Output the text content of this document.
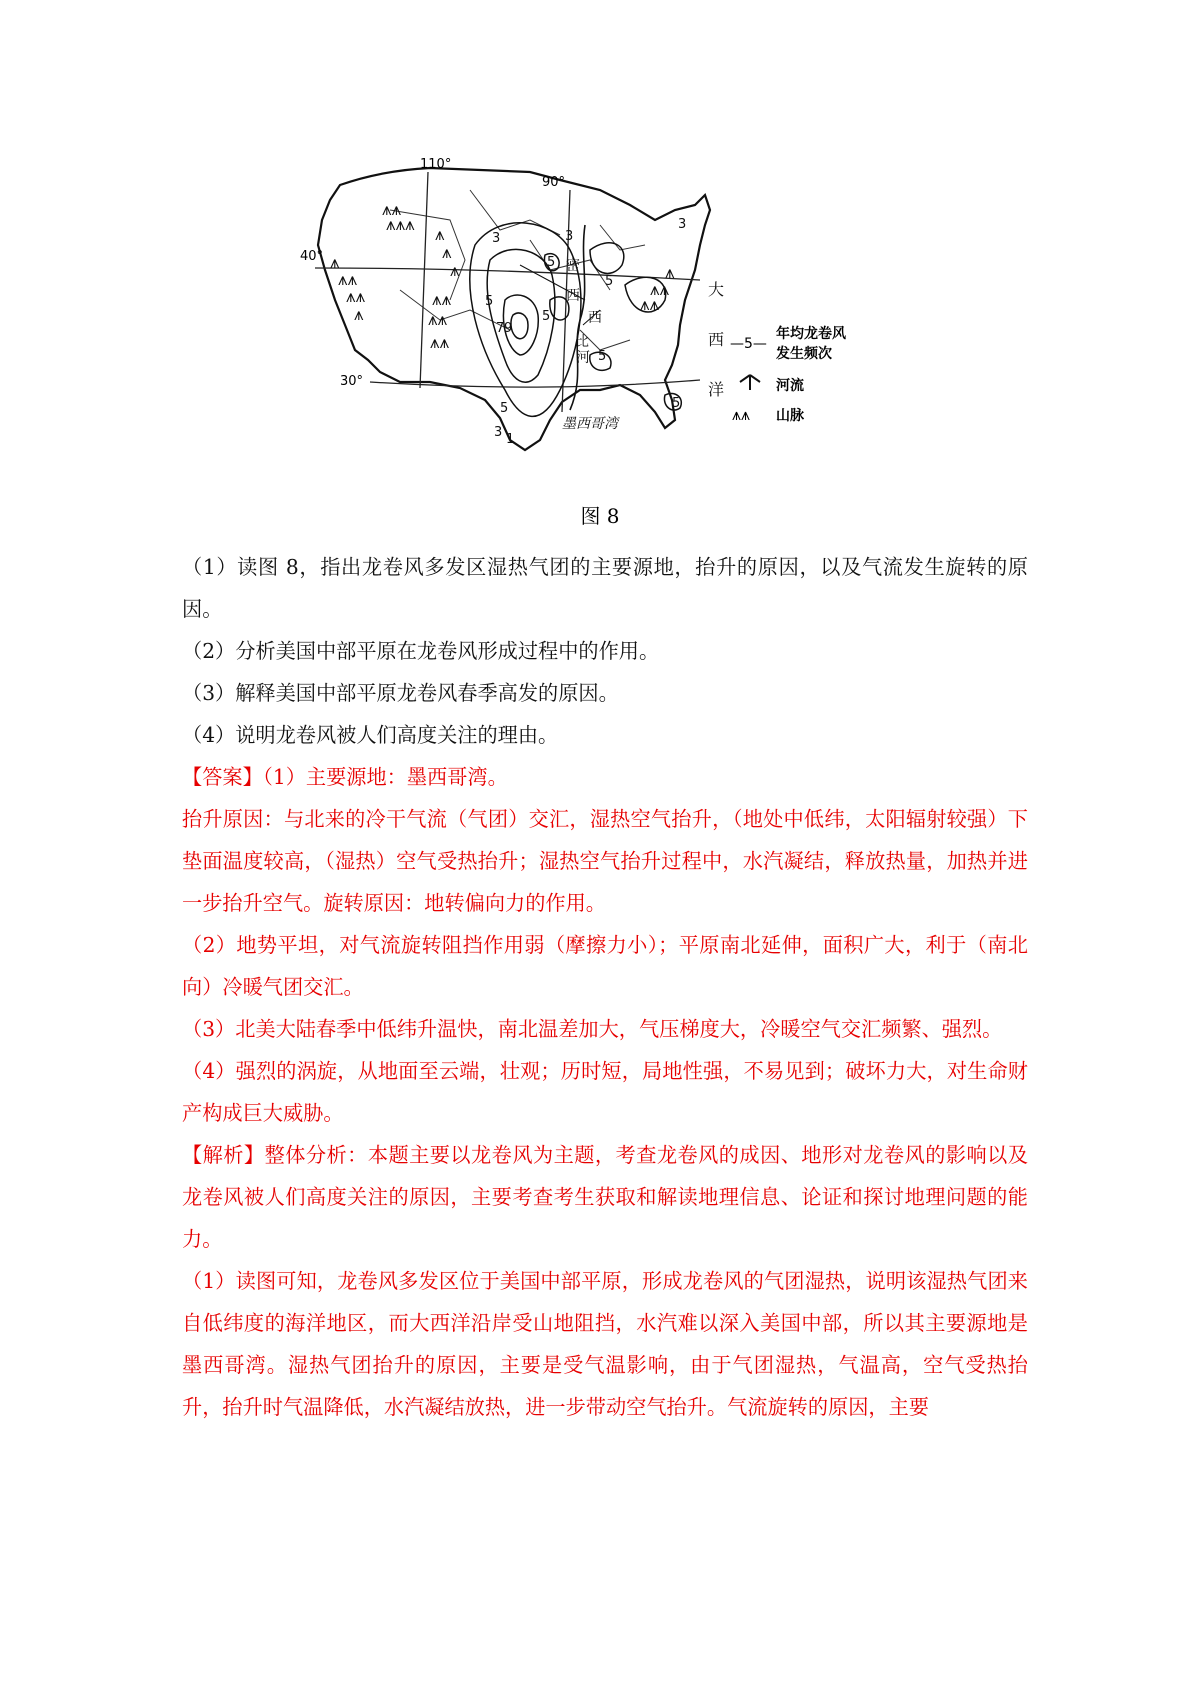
⩚⩚
⩚⩚⩚
⩚
⩚⩚
⩚⩚
⩚
⩚
⩚
⩚
⩚⩚
⩚⩚
⩚⩚
⩚⩚
⩚⩚
⩚
110°
90°
40°
30°
3
5
7 9
5
5
5
5
3
5
3
5
3
1
密
西
西
比
河
大
西
洋
墨西哥湾
—5—
年均龙卷风
发生频次
河流
⩚⩚ 山脉
图 8

（1）读图 8，指出龙卷风多发区湿热气团的主要源地，抬升的原因，以及气流发生旋转的原因。

（2）分析美国中部平原在龙卷风形成过程中的作用。

（3）解释美国中部平原龙卷风春季高发的原因。

（4）说明龙卷风被人们高度关注的理由。

【答案】（1）主要源地：墨西哥湾。

抬升原因：与北来的冷干气流（气团）交汇，湿热空气抬升，（地处中低纬，太阳辐射较强）下垫面温度较高，（湿热）空气受热抬升；湿热空气抬升过程中，水汽凝结，释放热量，加热并进一步抬升空气。旋转原因：地转偏向力的作用。

（2）地势平坦，对气流旋转阻挡作用弱（摩擦力小）；平原南北延伸，面积广大，利于（南北向）冷暖气团交汇。

（3）北美大陆春季中低纬升温快，南北温差加大，气压梯度大，冷暖空气交汇频繁、强烈。

（4）强烈的涡旋，从地面至云端，壮观；历时短，局地性强，不易见到；破坏力大，对生命财产构成巨大威胁。

【解析】整体分析：本题主要以龙卷风为主题，考查龙卷风的成因、地形对龙卷风的影响以及龙卷风被人们高度关注的原因，主要考查考生获取和解读地理信息、论证和探讨地理问题的能力。

（1）读图可知，龙卷风多发区位于美国中部平原，形成龙卷风的气团湿热，说明该湿热气团来自低纬度的海洋地区，而大西洋沿岸受山地阻挡，水汽难以深入美国中部，所以其主要源地是墨西哥湾。湿热气团抬升的原因，主要是受气温影响，由于气团湿热，气温高，空气受热抬升，抬升时气温降低，水汽凝结放热，进一步带动空气抬升。气流旋转的原因，主要
